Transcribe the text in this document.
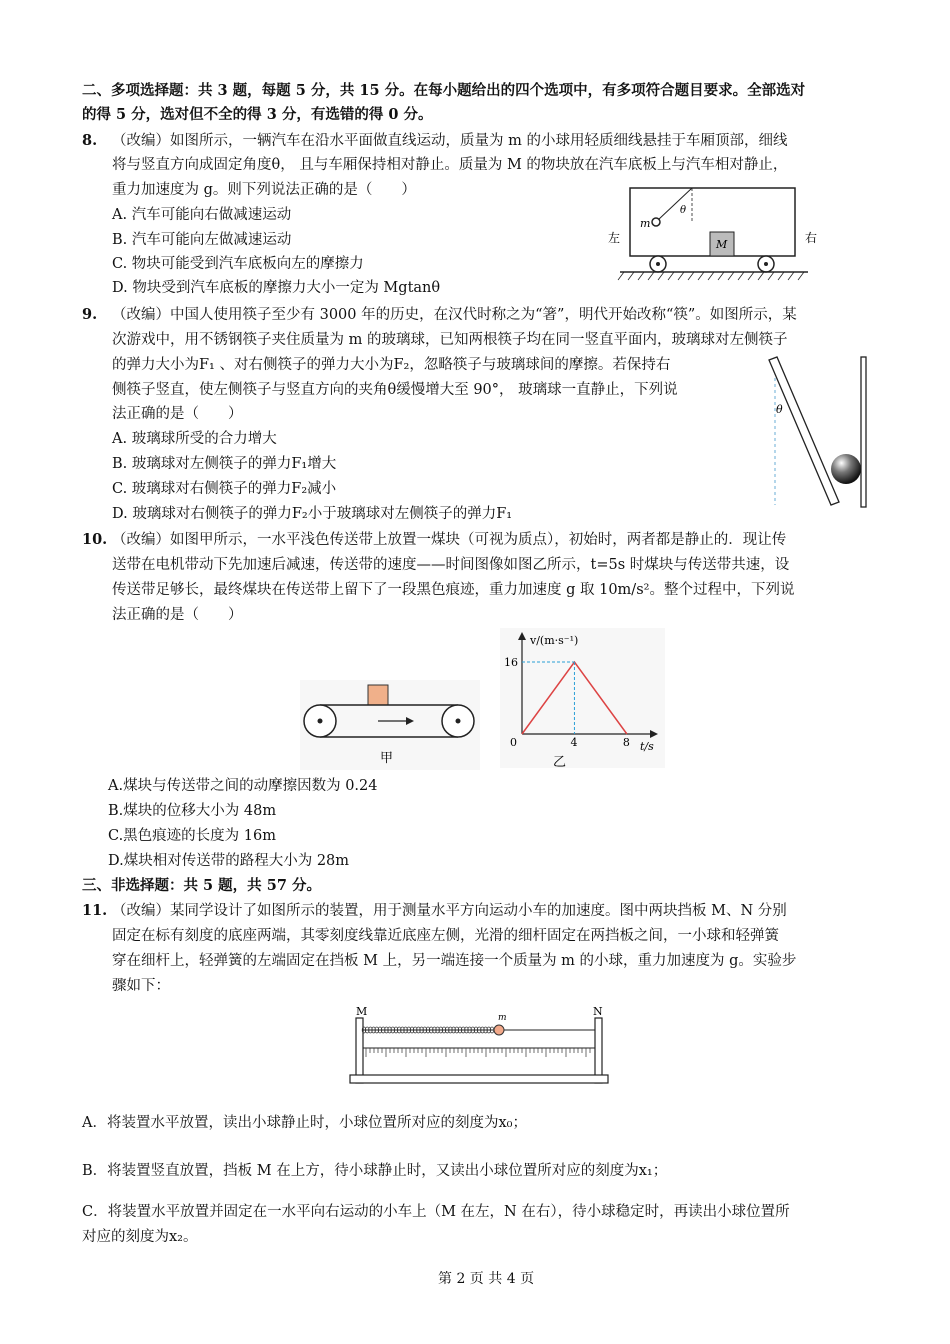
二、多项选择题：共 3 题，每题 5 分，共 15 分。在每小题给出的四个选项中，有多项符合题目要求。全部选对
的得 5 分，选对但不全的得 3 分，有选错的得 0 分。
8. （改编）如图所示，一辆汽车在沿水平面做直线运动，质量为 m 的小球用轻质细线悬挂于车厢顶部，细线
将与竖直方向成固定角度θ， 且与车厢保持相对静止。质量为 M 的物块放在汽车底板上与汽车相对静止，
重力加速度为 g。则下列说法正确的是（　　）
A. 汽车可能向右做减速运动
B. 汽车可能向左做减速运动
C. 物块可能受到汽车底板向左的摩擦力
D. 物块受到汽车底板的摩擦力大小一定为 Mgtanθ
m
θ
M
左	右
9. （改编）中国人使用筷子至少有 3000 年的历史，在汉代时称之为“箸”，明代开始改称“筷”。如图所示，某
次游戏中，用不锈钢筷子夹住质量为 m 的玻璃球，已知两根筷子均在同一竖直平面内，玻璃球对左侧筷子
的弹力大小为F₁ 、对右侧筷子的弹力大小为F₂，忽略筷子与玻璃球间的摩擦。若保持右
侧筷子竖直，使左侧筷子与竖直方向的夹角θ缓慢增大至 90°， 玻璃球一直静止，下列说
法正确的是（　　）
A. 玻璃球所受的合力增大
B. 玻璃球对左侧筷子的弹力F₁增大
C. 玻璃球对右侧筷子的弹力F₂减小
D. 玻璃球对右侧筷子的弹力F₂小于玻璃球对左侧筷子的弹力F₁
θ
10. （改编）如图甲所示，一水平浅色传送带上放置一煤块（可视为质点），初始时，两者都是静止的．现让传
送带在电机带动下先加速后减速，传送带的速度——时间图像如图乙所示，t=5s 时煤块与传送带共速，设
传送带足够长，最终煤块在传送带上留下了一段黑色痕迹，重力加速度 g 取 10m/s²。整个过程中，下列说
法正确的是（　　）
甲
v/(m·s⁻¹)
t/s
0	4	8
16
乙
A.煤块与传送带之间的动摩擦因数为 0.24
B.煤块的位移大小为 48m
C.黑色痕迹的长度为 16m
D.煤块相对传送带的路程大小为 28m
三、非选择题：共 5 题，共 57 分。
11. （改编）某同学设计了如图所示的装置，用于测量水平方向运动小车的加速度。图中两块挡板 M、N 分别
固定在标有刻度的底座两端，其零刻度线靠近底座左侧，光滑的细杆固定在两挡板之间，一小球和轻弹簧
穿在细杆上，轻弹簧的左端固定在挡板 M 上，另一端连接一个质量为 m 的小球，重力加速度为 g。实验步
骤如下：
M	N
m
A．将装置水平放置，读出小球静止时，小球位置所对应的刻度为x₀；
B．将装置竖直放置，挡板 M 在上方，待小球静止时，又读出小球位置所对应的刻度为x₁；
C．将装置水平放置并固定在一水平向右运动的小车上（M 在左，N 在右），待小球稳定时，再读出小球位置所
对应的刻度为x₂。
第 2 页 共 4 页
